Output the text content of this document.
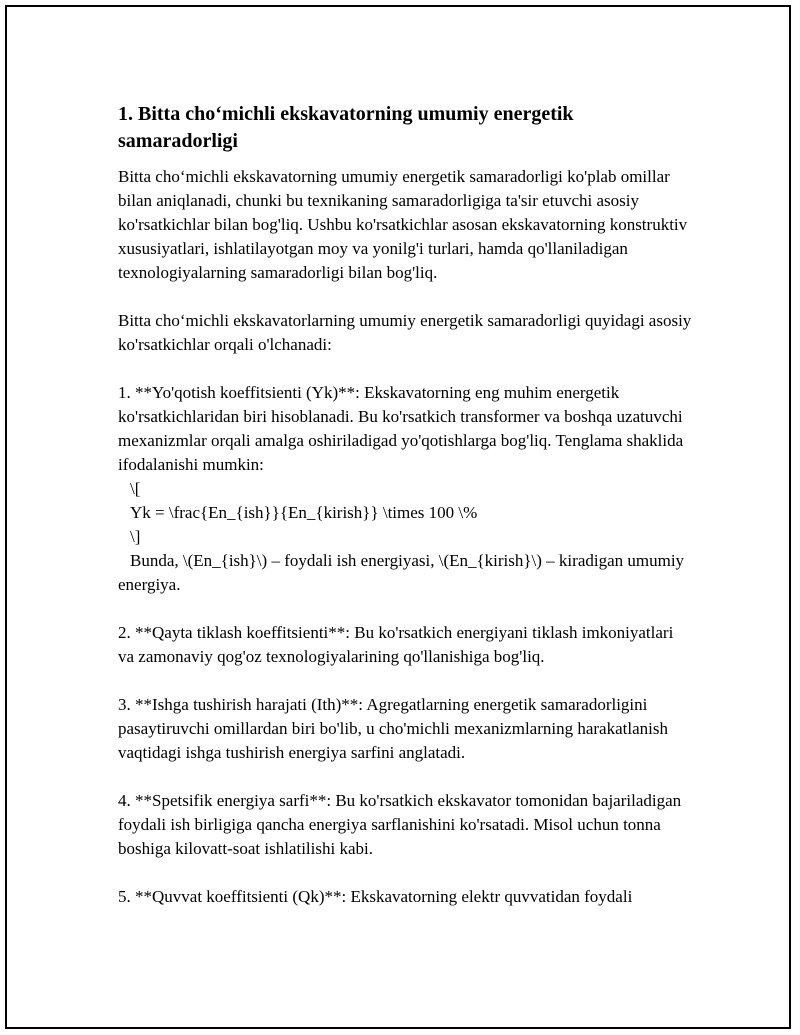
1. Bitta cho‘michli ekskavatorning umumiy energetik samaradorligi

Bitta cho‘michli ekskavatorning umumiy energetik samaradorligi ko'plab omillar bilan aniqlanadi, chunki bu texnikaning samaradorligiga ta'sir etuvchi asosiy ko'rsatkichlar bilan bog'liq. Ushbu ko'rsatkichlar asosan ekskavatorning konstruktiv xususiyatlari, ishlatilayotgan moy va yonilg'i turlari, hamda qo'llaniladigan texnologiyalarning samaradorligi bilan bog'liq.

Bitta cho‘michli ekskavatorlarning umumiy energetik samaradorligi quyidagi asosiy ko'rsatkichlar orqali o'lchanadi:

1. **Yo'qotish koeffitsienti (Yk)**: Ekskavatorning eng muhim energetik ko'rsatkichlaridan biri hisoblanadi. Bu ko'rsatkich transformer va boshqa uzatuvchi mexanizmlar orqali amalga oshiriladigad yo'qotishlarga bog'liq. Tenglama shaklida ifodalanishi mumkin:
\[
Yk = \frac{En_{ish}}{En_{kirish}} \times 100 \%
\]
Bunda, \(En_{ish}\) – foydali ish energiyasi, \(En_{kirish}\) – kiradigan umumiy energiya.

2. **Qayta tiklash koeffitsienti**: Bu ko'rsatkich energiyani tiklash imkoniyatlari va zamonaviy qog'oz texnologiyalarining qo'llanishiga bog'liq.

3. **Ishga tushirish harajati (Ith)**: Agregatlarning energetik samaradorligini pasaytiruvchi omillardan biri bo'lib, u cho'michli mexanizmlarning harakatlanish vaqtidagi ishga tushirish energiya sarfini anglatadi.

4. **Spetsifik energiya sarfi**: Bu ko'rsatkich ekskavator tomonidan bajariladigan foydali ish birligiga qancha energiya sarflanishini ko'rsatadi. Misol uchun tonna boshiga kilovatt-soat ishlatilishi kabi.

5. **Quvvat koeffitsienti (Qk)**: Ekskavatorning elektr quvvatidan foydali
